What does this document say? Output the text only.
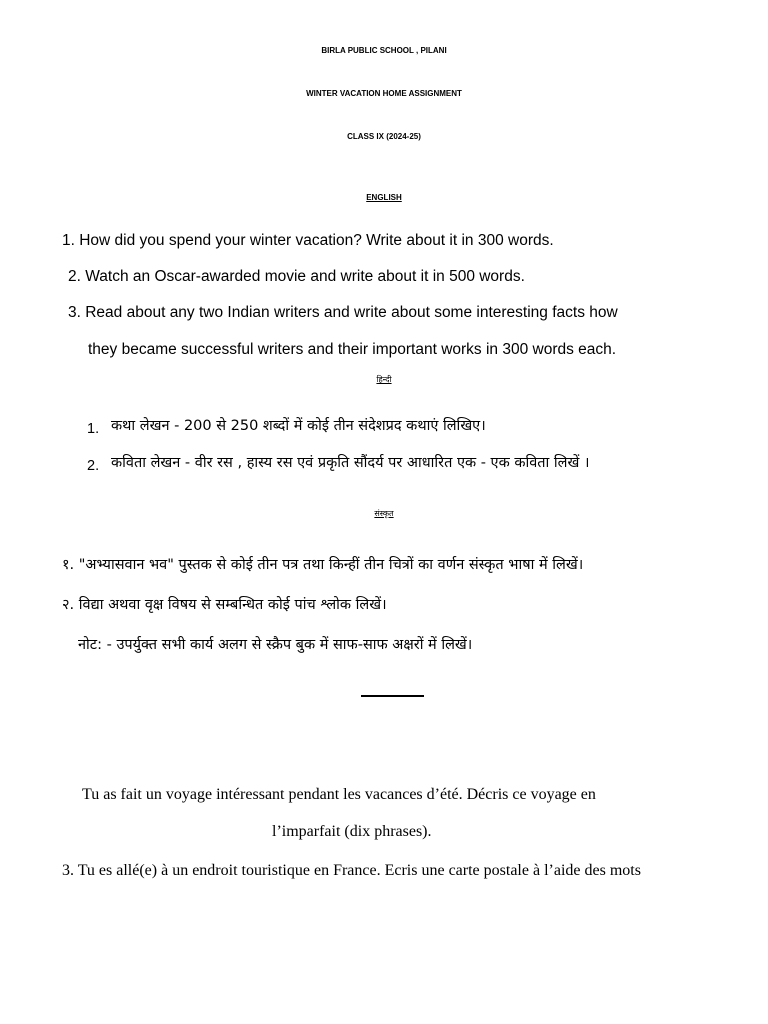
BIRLA PUBLIC SCHOOL , PILANI
WINTER VACATION HOME ASSIGNMENT
CLASS IX (2024-25)
ENGLISH
1. How did you spend your winter vacation? Write about it in 300 words.
2. Watch an Oscar-awarded movie and write about it in 500 words.
3. Read about any two Indian writers and write about some interesting facts how
they became successful writers and their important works in 300 words each.
हिन्दी
1. कथा लेखन - 200 से 250 शब्दों में कोई तीन संदेशप्रद कथाएं लिखिए।
2. कविता लेखन - वीर रस , हास्य रस एवं प्रकृति सौंदर्य पर आधारित एक - एक कविता लिखें ।
संस्कृत
१. "अभ्यासवान भव" पुस्तक से कोई तीन पत्र तथा किन्हीं तीन चित्रों का वर्णन संस्कृत भाषा में लिखें।
२. विद्या अथवा वृक्ष विषय से सम्बन्धित कोई पांच श्लोक लिखें।
नोट: - उपर्युक्त सभी कार्य अलग से स्क्रैप बुक में साफ-साफ अक्षरों में लिखें।
Tu as fait un voyage intéressant pendant les vacances d’été. Décris ce voyage en
l’imparfait (dix phrases).
3. Tu es allé(e) à un endroit touristique en France. Ecris une carte postale à l’aide des mots
